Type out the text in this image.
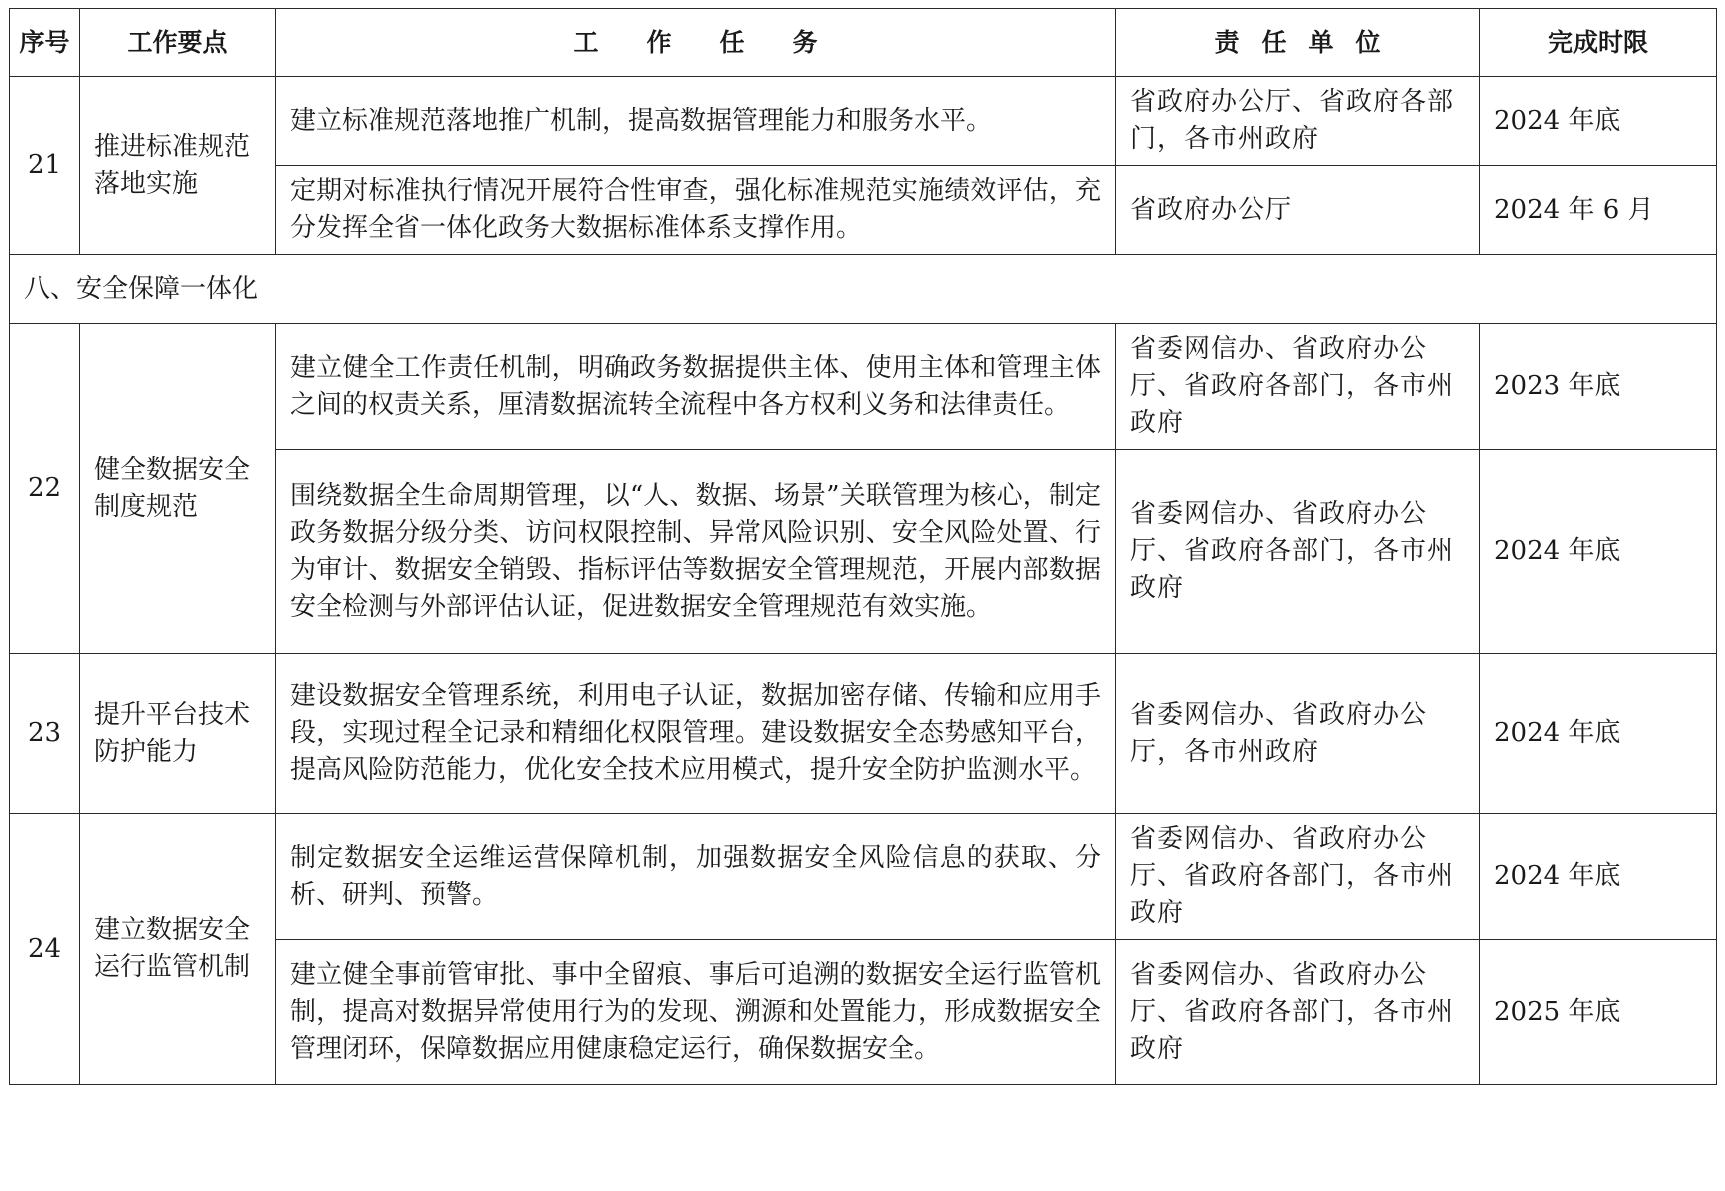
序号	工作要点	工作任务	责任单位	完成时限
21	推进标准规范落地实施	建立标准规范落地推广机制，提高数据管理能力和服务水平。	省政府办公厅、省政府各部门，各市州政府	2024 年底
		定期对标准执行情况开展符合性审查，强化标准规范实施绩效评估，充分发挥全省一体化政务大数据标准体系支撑作用。	省政府办公厅	2024 年 6 月
八、安全保障一体化				
22	健全数据安全制度规范	建立健全工作责任机制，明确政务数据提供主体、使用主体和管理主体之间的权责关系，厘清数据流转全流程中各方权利义务和法律责任。	省委网信办、省政府办公厅、省政府各部门，各市州政府	2023 年底
		围绕数据全生命周期管理，以“人、数据、场景”关联管理为核心，制定政务数据分级分类、访问权限控制、异常风险识别、安全风险处置、行为审计、数据安全销毁、指标评估等数据安全管理规范，开展内部数据安全检测与外部评估认证，促进数据安全管理规范有效实施。	省委网信办、省政府办公厅、省政府各部门，各市州政府	2024 年底
23	提升平台技术防护能力	建设数据安全管理系统，利用电子认证，数据加密存储、传输和应用手段，实现过程全记录和精细化权限管理。建设数据安全态势感知平台，提高风险防范能力，优化安全技术应用模式，提升安全防护监测水平。	省委网信办、省政府办公厅，各市州政府	2024 年底
24	建立数据安全运行监管机制	制定数据安全运维运营保障机制，加强数据安全风险信息的获取、分析、研判、预警。	省委网信办、省政府办公厅、省政府各部门，各市州政府	2024 年底
		建立健全事前管审批、事中全留痕、事后可追溯的数据安全运行监管机制，提高对数据异常使用行为的发现、溯源和处置能力，形成数据安全管理闭环，保障数据应用健康稳定运行，确保数据安全。	省委网信办、省政府办公厅、省政府各部门，各市州政府	2025 年底
